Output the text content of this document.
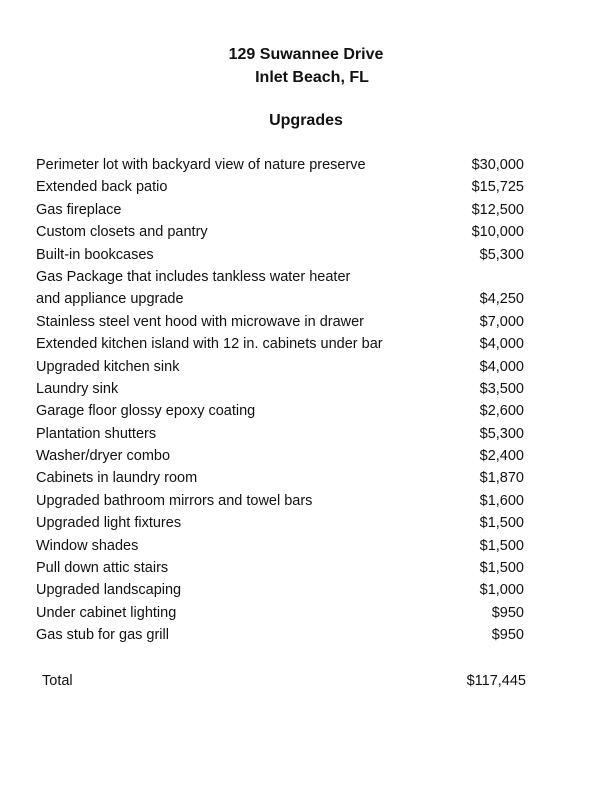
129 Suwannee Drive
Inlet Beach, FL
Upgrades
Perimeter lot with backyard view of nature preserve	$30,000
Extended back patio	$15,725
Gas fireplace	$12,500
Custom closets and pantry	$10,000
Built-in bookcases	$5,300
Gas Package that includes tankless water heater
and appliance upgrade	$4,250
Stainless steel vent hood with microwave in drawer	$7,000
Extended kitchen island with 12 in. cabinets under bar	$4,000
Upgraded kitchen sink	$4,000
Laundry sink	$3,500
Garage floor glossy epoxy coating	$2,600
Plantation shutters	$5,300
Washer/dryer combo	$2,400
Cabinets in laundry room	$1,870
Upgraded bathroom mirrors and towel bars	$1,600
Upgraded light fixtures	$1,500
Window shades	$1,500
Pull down attic stairs	$1,500
Upgraded landscaping	$1,000
Under cabinet lighting	$950
Gas stub for gas grill	$950
Total	$117,445
